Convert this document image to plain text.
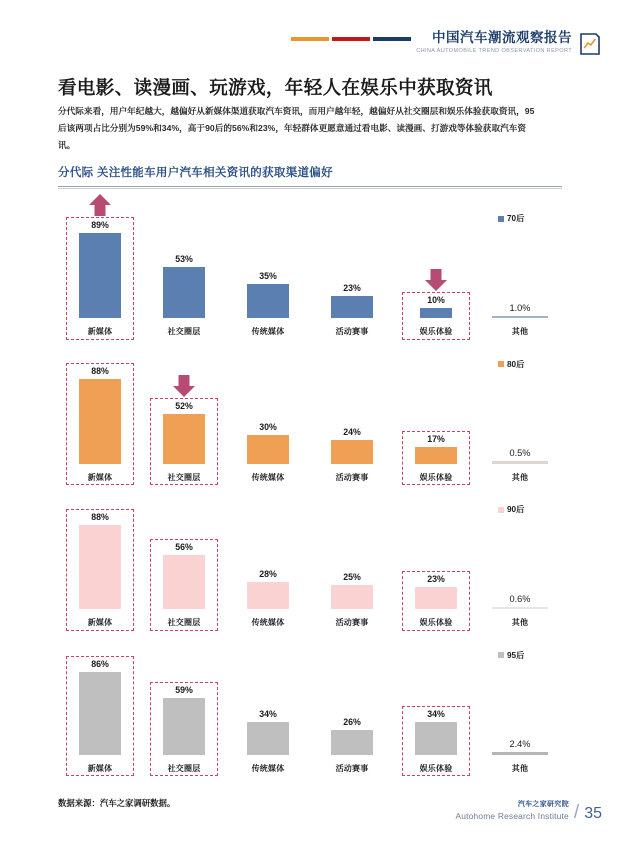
中国汽车潮流观察报告
CHINA AUTOMOBILE TREND OBSERVATION REPORT
看电影、读漫画、玩游戏，年轻人在娱乐中获取资讯
分代际来看，用户年纪越大，越偏好从新媒体渠道获取汽车资讯，而用户越年轻，越偏好从社交圈层和娱乐体验获取资讯，95后该两项占比分别为59%和34%，高于90后的56%和23%，年轻群体更愿意通过看电影、读漫画、打游戏等体验获取汽车资讯。
分代际 关注性能车用户汽车相关资讯的获取渠道偏好
89%
新媒体
53%
社交圈层
35%
传统媒体
23%
活动赛事
10%
娱乐体验
1.0%
其他
70后
88%
新媒体
52%
社交圈层
30%
传统媒体
24%
活动赛事
17%
娱乐体验
0.5%
其他
80后
88%
新媒体
56%
社交圈层
28%
传统媒体
25%
活动赛事
23%
娱乐体验
0.6%
其他
90后
86%
新媒体
59%
社交圈层
34%
传统媒体
26%
活动赛事
34%
娱乐体验
2.4%
其他
95后
数据来源：汽车之家调研数据。	汽车之家研究院
Autohome Research Institute / 35
